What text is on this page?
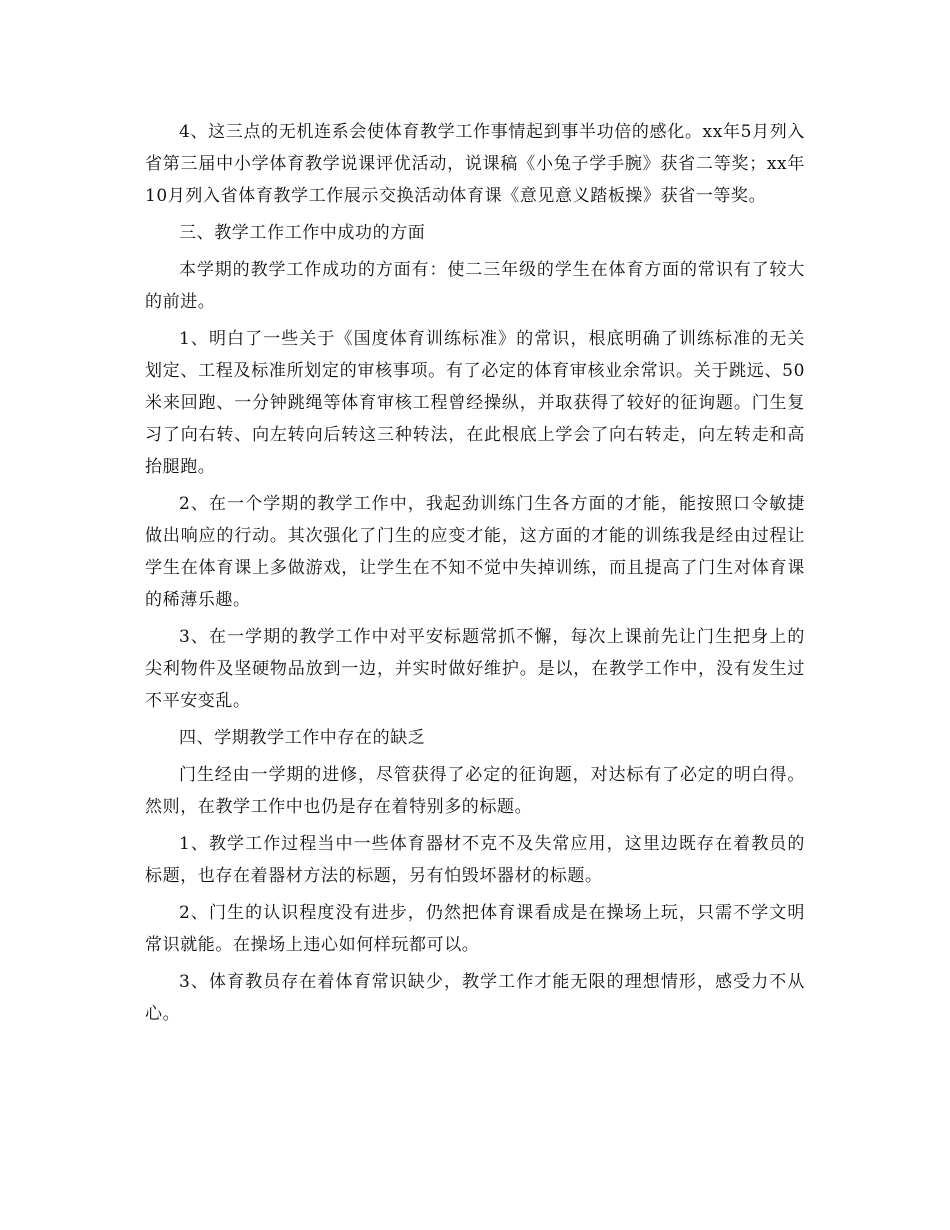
4、这三点的无机连系会使体育教学工作事情起到事半功倍的感化。xx年5月列入省第三届中小学体育教学说课评优活动，说课稿《小兔子学手腕》获省二等奖；xx年10月列入省体育教学工作展示交换活动体育课《意见意义踏板操》获省一等奖。

三、教学工作工作中成功的方面

本学期的教学工作成功的方面有：使二三年级的学生在体育方面的常识有了较大的前进。

1、明白了一些关于《国度体育训练标准》的常识，根底明确了训练标准的无关划定、工程及标准所划定的审核事项。有了必定的体育审核业余常识。关于跳远、50米来回跑、一分钟跳绳等体育审核工程曾经操纵，并取获得了较好的征询题。门生复习了向右转、向左转向后转这三种转法，在此根底上学会了向右转走，向左转走和高抬腿跑。

2、在一个学期的教学工作中，我起劲训练门生各方面的才能，能按照口令敏捷做出响应的行动。其次强化了门生的应变才能，这方面的才能的训练我是经由过程让学生在体育课上多做游戏，让学生在不知不觉中失掉训练，而且提高了门生对体育课的稀薄乐趣。

3、在一学期的教学工作中对平安标题常抓不懈，每次上课前先让门生把身上的尖利物件及坚硬物品放到一边，并实时做好维护。是以，在教学工作中，没有发生过不平安变乱。

四、学期教学工作中存在的缺乏

门生经由一学期的进修，尽管获得了必定的征询题，对达标有了必定的明白得。然则，在教学工作中也仍是存在着特别多的标题。

1、教学工作过程当中一些体育器材不克不及失常应用，这里边既存在着教员的标题，也存在着器材方法的标题，另有怕毁坏器材的标题。

2、门生的认识程度没有进步，仍然把体育课看成是在操场上玩，只需不学文明常识就能。在操场上违心如何样玩都可以。

3、体育教员存在着体育常识缺少，教学工作才能无限的理想情形，感受力不从心。
